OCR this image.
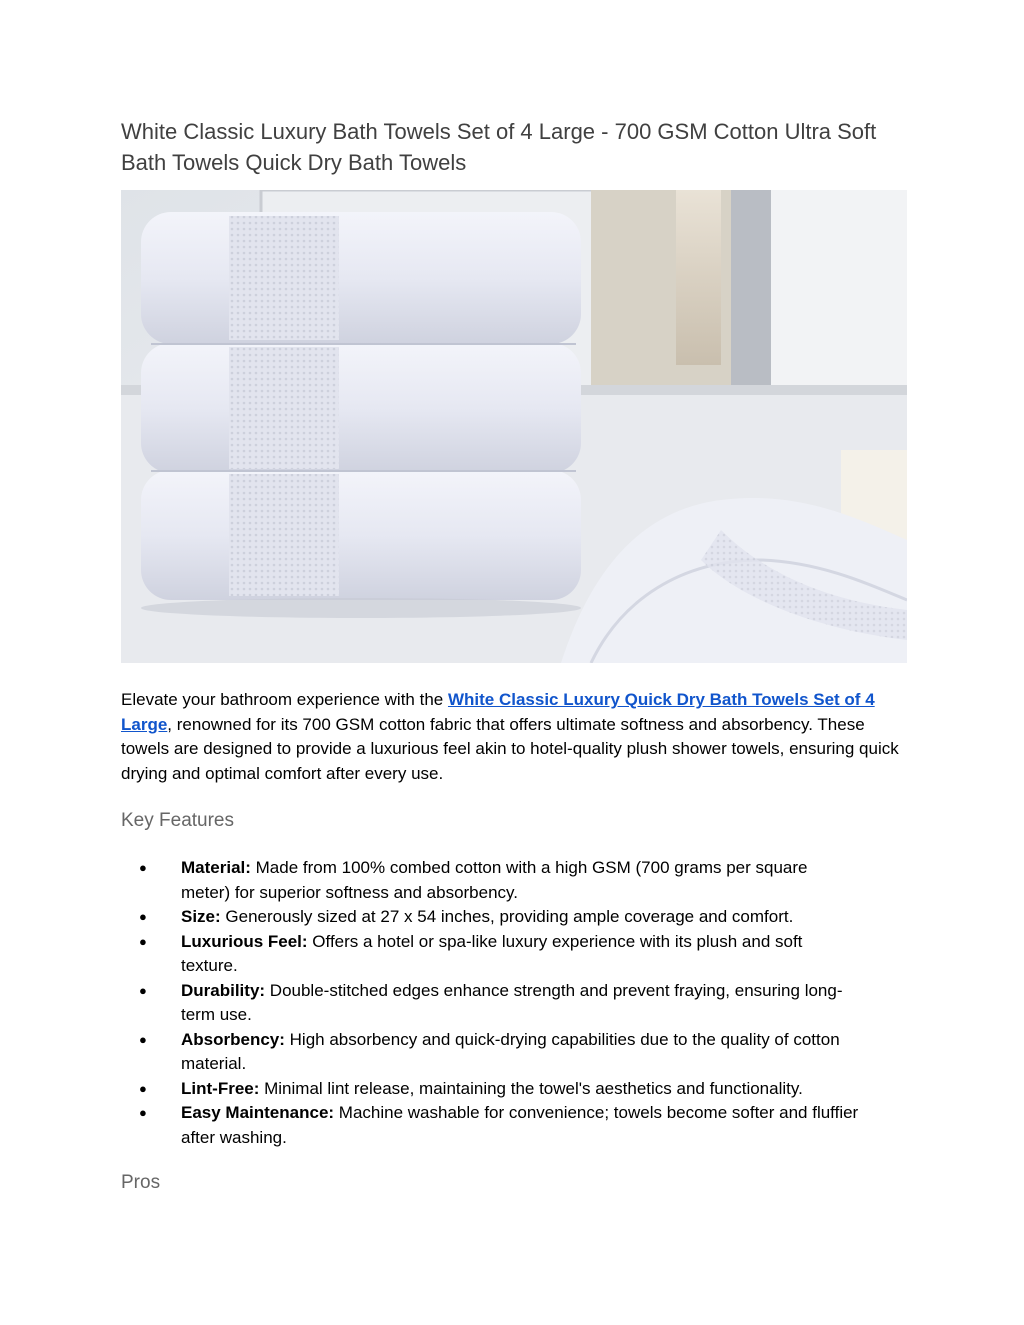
White Classic Luxury Bath Towels Set of 4 Large - 700 GSM Cotton Ultra Soft Bath Towels Quick Dry Bath Towels

Elevate your bathroom experience with the White Classic Luxury Quick Dry Bath Towels Set of 4 Large, renowned for its 700 GSM cotton fabric that offers ultimate softness and absorbency. These towels are designed to provide a luxurious feel akin to hotel-quality plush shower towels, ensuring quick drying and optimal comfort after every use.

Key Features
● Material: Made from 100% combed cotton with a high GSM (700 grams per square meter) for superior softness and absorbency.
● Size: Generously sized at 27 x 54 inches, providing ample coverage and comfort.
● Luxurious Feel: Offers a hotel or spa-like luxury experience with its plush and soft texture.
● Durability: Double-stitched edges enhance strength and prevent fraying, ensuring long-term use.
● Absorbency: High absorbency and quick-drying capabilities due to the quality of cotton material.
● Lint-Free: Minimal lint release, maintaining the towel's aesthetics and functionality.
● Easy Maintenance: Machine washable for convenience; towels become softer and fluffier after washing.
Pros
